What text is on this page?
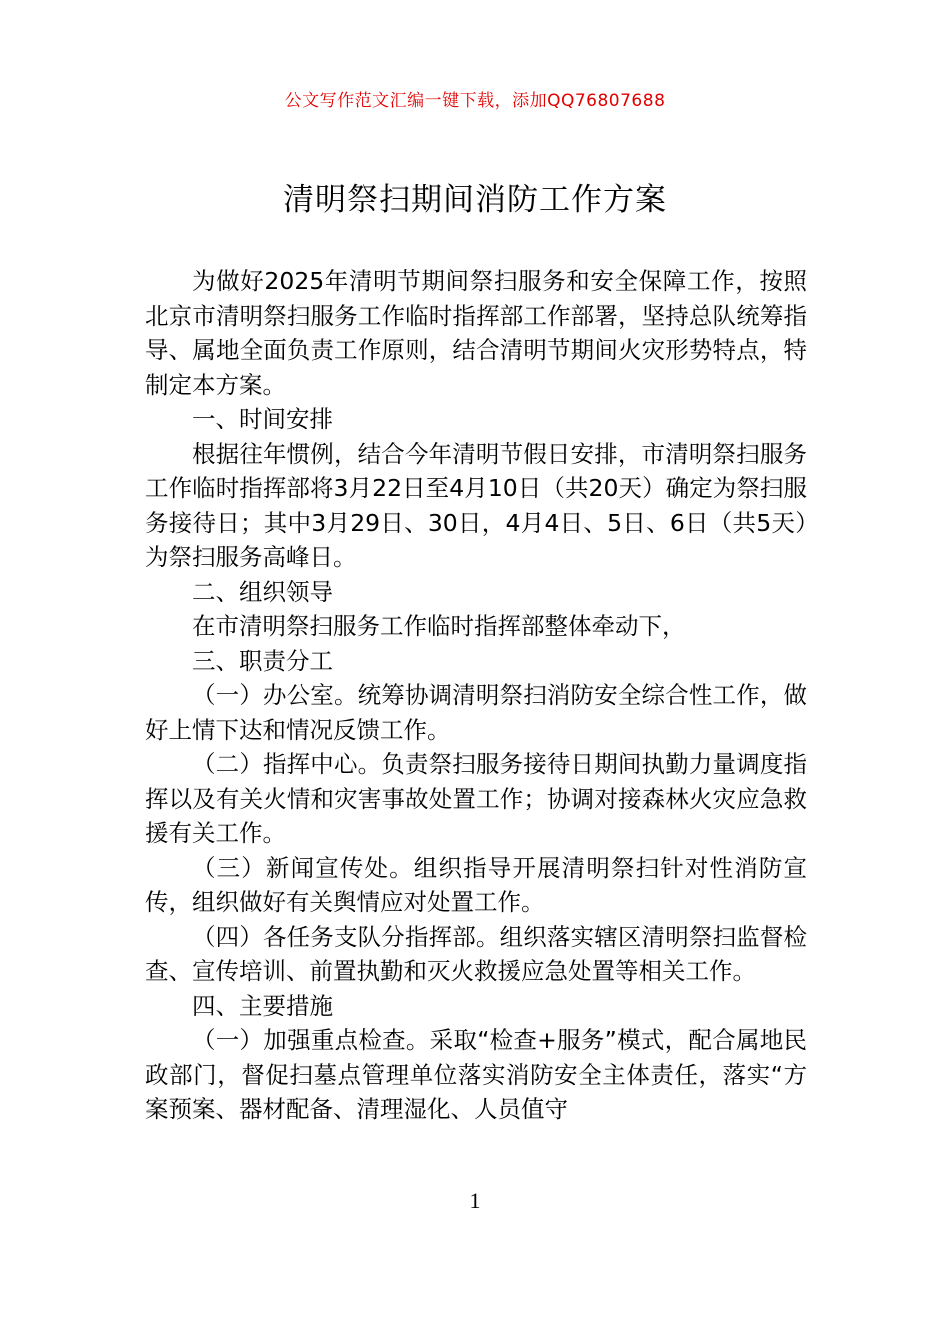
公文写作范文汇编一键下载，添加QQ76807688
清明祭扫期间消防工作方案

为做好2025年清明节期间祭扫服务和安全保障工作，按照北京市清明祭扫服务工作临时指挥部工作部署，坚持总队统筹指导、属地全面负责工作原则，结合清明节期间火灾形势特点，特制定本方案。

一、时间安排

根据往年惯例，结合今年清明节假日安排，市清明祭扫服务工作临时指挥部将3月22日至4月10日（共20天）确定为祭扫服务接待日；其中3月29日、30日，4月4日、5日、6日（共5天）为祭扫服务高峰日。

二、组织领导

在市清明祭扫服务工作临时指挥部整体牵动下，

三、职责分工

（一）办公室。统筹协调清明祭扫消防安全综合性工作，做好上情下达和情况反馈工作。

（二）指挥中心。负责祭扫服务接待日期间执勤力量调度指挥以及有关火情和灾害事故处置工作；协调对接森林火灾应急救援有关工作。

（三）新闻宣传处。组织指导开展清明祭扫针对性消防宣传，组织做好有关舆情应对处置工作。

（四）各任务支队分指挥部。组织落实辖区清明祭扫监督检查、宣传培训、前置执勤和灭火救援应急处置等相关工作。

四、主要措施

（一）加强重点检查。采取“检查+服务”模式，配合属地民政部门，督促扫墓点管理单位落实消防安全主体责任，落实“方案预案、器材配备、清理湿化、人员值守

1
